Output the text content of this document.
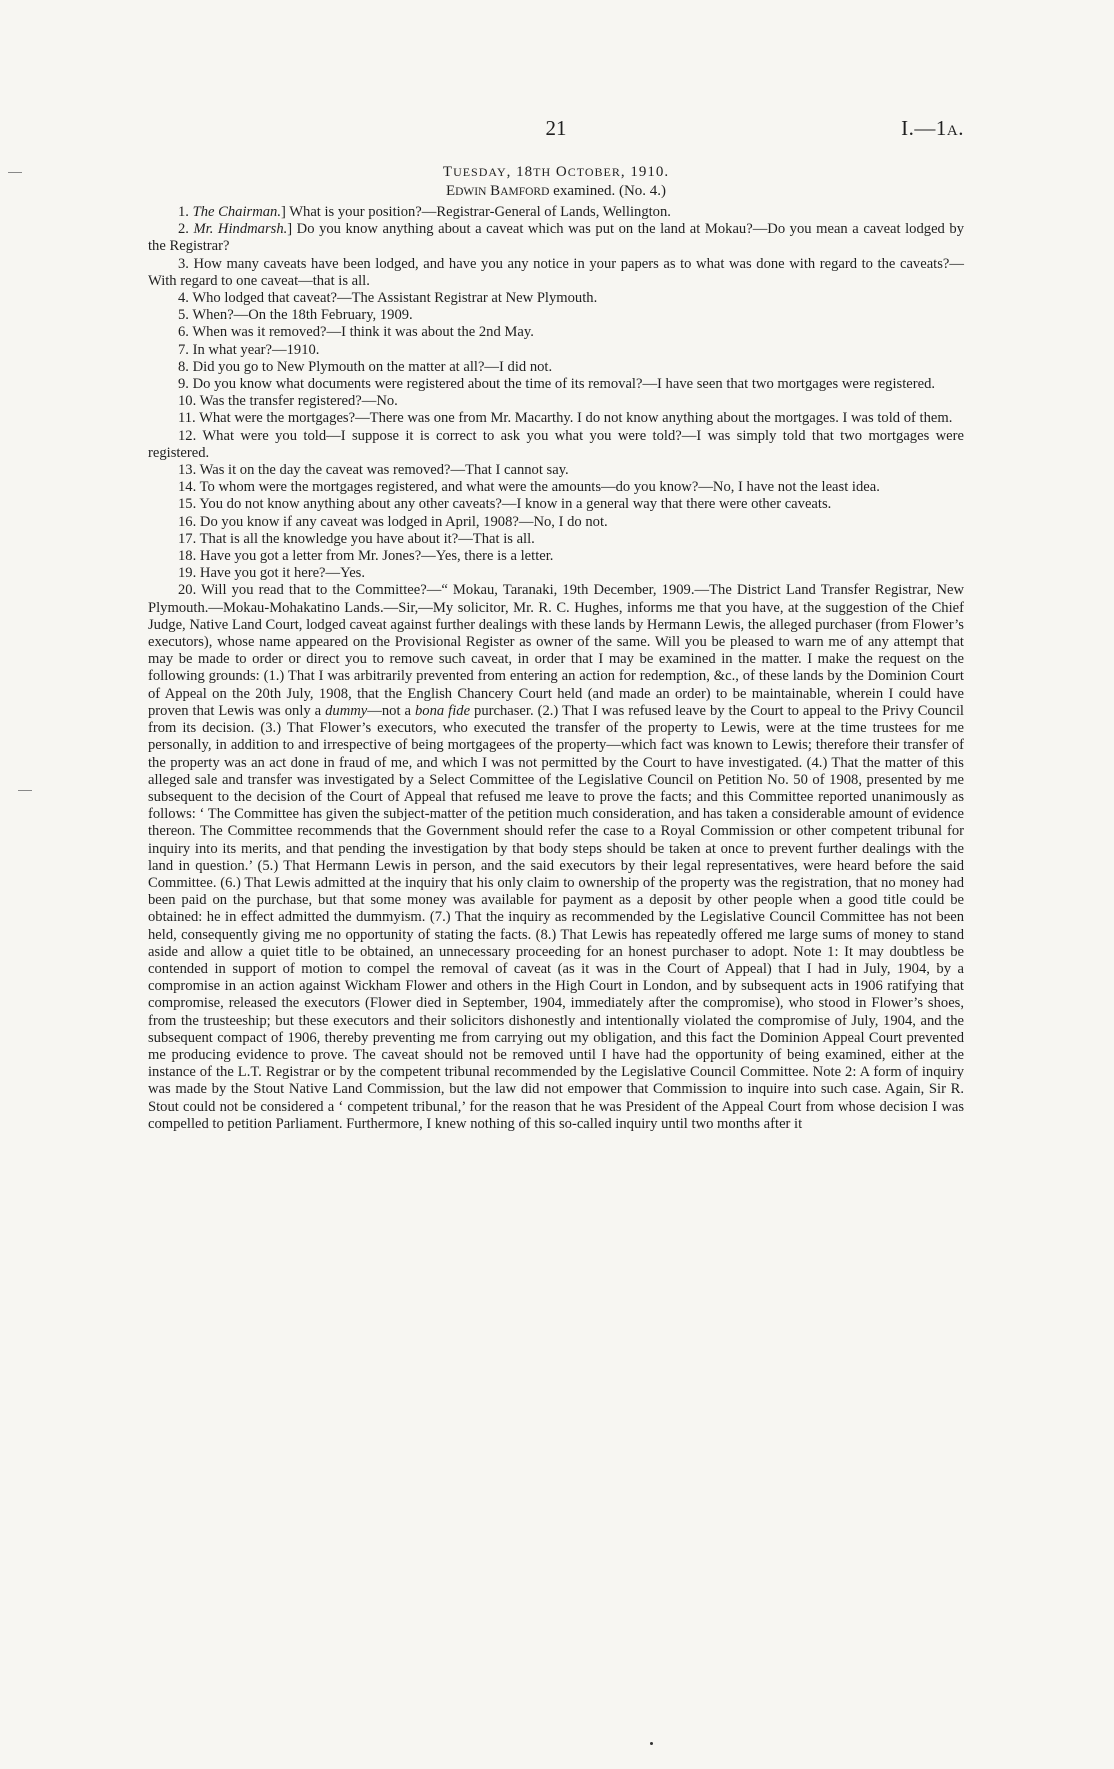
21	I.—1A.
TUESDAY, 18TH OCTOBER, 1910.
EDWIN BAMFORD examined. (No. 4.)

1. The Chairman.] What is your position?—Registrar-General of Lands, Wellington.

2. Mr. Hindmarsh.] Do you know anything about a caveat which was put on the land at Mokau?—Do you mean a caveat lodged by the Registrar?

3. How many caveats have been lodged, and have you any notice in your papers as to what was done with regard to the caveats?—With regard to one caveat—that is all.

4. Who lodged that caveat?—The Assistant Registrar at New Plymouth.

5. When?—On the 18th February, 1909.

6. When was it removed?—I think it was about the 2nd May.

7. In what year?—1910.

8. Did you go to New Plymouth on the matter at all?—I did not.

9. Do you know what documents were registered about the time of its removal?—I have seen that two mortgages were registered.

10. Was the transfer registered?—No.

11. What were the mortgages?—There was one from Mr. Macarthy. I do not know anything about the mortgages. I was told of them.

12. What were you told—I suppose it is correct to ask you what you were told?—I was simply told that two mortgages were registered.

13. Was it on the day the caveat was removed?—That I cannot say.

14. To whom were the mortgages registered, and what were the amounts—do you know?—No, I have not the least idea.

15. You do not know anything about any other caveats?—I know in a general way that there were other caveats.

16. Do you know if any caveat was lodged in April, 1908?—No, I do not.

17. That is all the knowledge you have about it?—That is all.

18. Have you got a letter from Mr. Jones?—Yes, there is a letter.

19. Have you got it here?—Yes.

20. Will you read that to the Committee?—“ Mokau, Taranaki, 19th December, 1909.—The District Land Transfer Registrar, New Plymouth.—Mokau-Mohakatino Lands.—Sir,—My solicitor, Mr. R. C. Hughes, informs me that you have, at the suggestion of the Chief Judge, Native Land Court, lodged caveat against further dealings with these lands by Hermann Lewis, the alleged purchaser (from Flower’s executors), whose name appeared on the Provisional Register as owner of the same. Will you be pleased to warn me of any attempt that may be made to order or direct you to remove such caveat, in order that I may be examined in the matter. I make the request on the following grounds: (1.) That I was arbitrarily prevented from entering an action for redemption, &c., of these lands by the Dominion Court of Appeal on the 20th July, 1908, that the English Chancery Court held (and made an order) to be maintainable, wherein I could have proven that Lewis was only a dummy—not a bona fide purchaser. (2.) That I was refused leave by the Court to appeal to the Privy Council from its decision. (3.) That Flower’s executors, who executed the transfer of the property to Lewis, were at the time trustees for me personally, in addition to and irrespective of being mortgagees of the property—which fact was known to Lewis; therefore their transfer of the property was an act done in fraud of me, and which I was not permitted by the Court to have investigated. (4.) That the matter of this alleged sale and transfer was investigated by a Select Committee of the Legislative Council on Petition No. 50 of 1908, presented by me subsequent to the decision of the Court of Appeal that refused me leave to prove the facts; and this Committee reported unanimously as follows: ‘ The Committee has given the subject-matter of the petition much consideration, and has taken a considerable amount of evidence thereon. The Committee recommends that the Government should refer the case to a Royal Commission or other competent tribunal for inquiry into its merits, and that pending the investigation by that body steps should be taken at once to prevent further dealings with the land in question.’ (5.) That Hermann Lewis in person, and the said executors by their legal representatives, were heard before the said Committee. (6.) That Lewis admitted at the inquiry that his only claim to ownership of the property was the registration, that no money had been paid on the purchase, but that some money was available for payment as a deposit by other people when a good title could be obtained: he in effect admitted the dummyism. (7.) That the inquiry as recommended by the Legislative Council Committee has not been held, consequently giving me no opportunity of stating the facts. (8.) That Lewis has repeatedly offered me large sums of money to stand aside and allow a quiet title to be obtained, an unnecessary proceeding for an honest purchaser to adopt. Note 1: It may doubtless be contended in support of motion to compel the removal of caveat (as it was in the Court of Appeal) that I had in July, 1904, by a compromise in an action against Wickham Flower and others in the High Court in London, and by subsequent acts in 1906 ratifying that compromise, released the executors (Flower died in September, 1904, immediately after the compromise), who stood in Flower’s shoes, from the trusteeship; but these executors and their solicitors dishonestly and intentionally violated the compromise of July, 1904, and the subsequent compact of 1906, thereby preventing me from carrying out my obligation, and this fact the Dominion Appeal Court prevented me producing evidence to prove. The caveat should not be removed until I have had the opportunity of being examined, either at the instance of the L.T. Registrar or by the competent tribunal recommended by the Legislative Council Committee. Note 2: A form of inquiry was made by the Stout Native Land Commission, but the law did not empower that Commission to inquire into such case. Again, Sir R. Stout could not be considered a ‘ competent tribunal,’ for the reason that he was President of the Appeal Court from whose decision I was compelled to petition Parliament. Furthermore, I knew nothing of this so-called inquiry until two months after it
